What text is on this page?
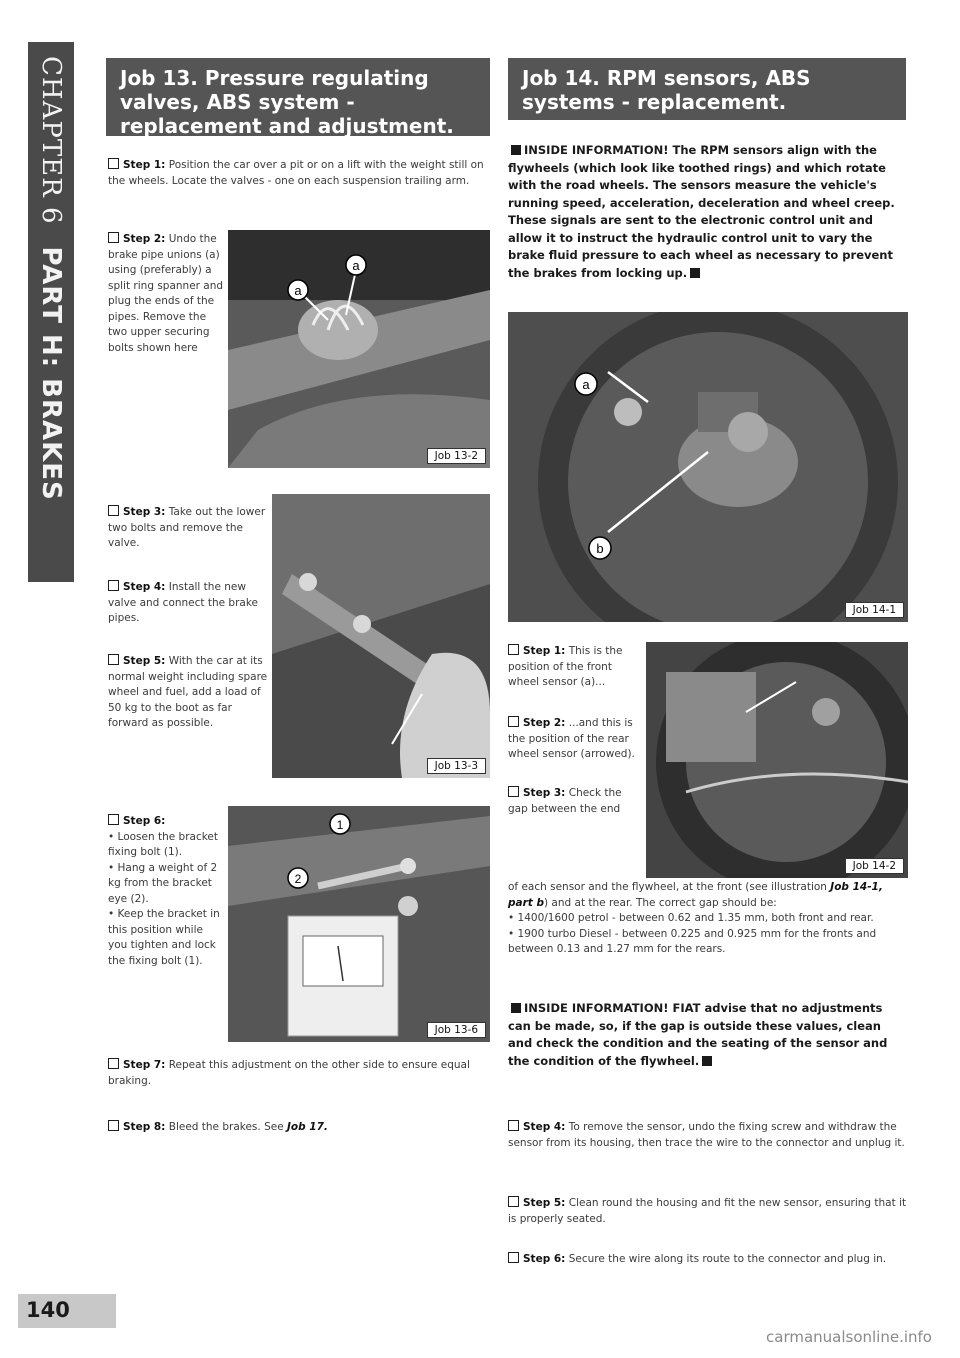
CHAPTER 6
PART H: BRAKES
Job 13. Pressure regulating valves, ABS system - replacement and adjustment.
Step 1: Position the car over a pit or on a lift with the weight still on the wheels. Locate the valves - one on each suspension trailing arm.
Step 2: Undo the brake pipe unions (a) using (preferably) a split ring spanner and plug the ends of the pipes. Remove the two upper securing bolts shown here
a
a
Job 13-2
Step 3: Take out the lower two bolts and remove the valve.
Step 4: Install the new valve and connect the brake pipes.
Step 5: With the car at its normal weight including spare wheel and fuel, add a load of 50 kg to the boot as far forward as possible.
Job 13-3
Step 6:
• Loosen the bracket fixing bolt (1).
• Hang a weight of 2 kg from the bracket eye (2).
• Keep the bracket in this position while you tighten and lock the fixing bolt (1).
1
2
Job 13-6
Step 7: Repeat this adjustment on the other side to ensure equal braking.
Step 8: Bleed the brakes. See Job 17.
Job 14. RPM sensors, ABS systems - replacement.
INSIDE INFORMATION! The RPM sensors align with the flywheels (which look like toothed rings) and which rotate with the road wheels. The sensors measure the vehicle's running speed, acceleration, deceleration and wheel creep. These signals are sent to the electronic control unit and allow it to instruct the hydraulic control unit to vary the brake fluid pressure to each wheel as necessary to prevent the brakes from locking up.
a
b
Job 14-1
Step 1: This is the position of the front wheel sensor (a)...
Step 2: ...and this is the position of the rear wheel sensor (arrowed).
Job 14-2
Step 3: Check the gap between the end
of each sensor and the flywheel, at the front (see illustration Job 14-1, part b) and at the rear. The correct gap should be:
• 1400/1600 petrol - between 0.62 and 1.35 mm, both front and rear.
• 1900 turbo Diesel - between 0.225 and 0.925 mm for the fronts and between 0.13 and 1.27 mm for the rears.
INSIDE INFORMATION! FIAT advise that no adjustments can be made, so, if the gap is outside these values, clean and check the condition and the seating of the sensor and the condition of the flywheel.
Step 4: To remove the sensor, undo the fixing screw and withdraw the sensor from its housing, then trace the wire to the connector and unplug it.
Step 5: Clean round the housing and fit the new sensor, ensuring that it is properly seated.
Step 6: Secure the wire along its route to the connector and plug in.
140
carmanualsonline.info
